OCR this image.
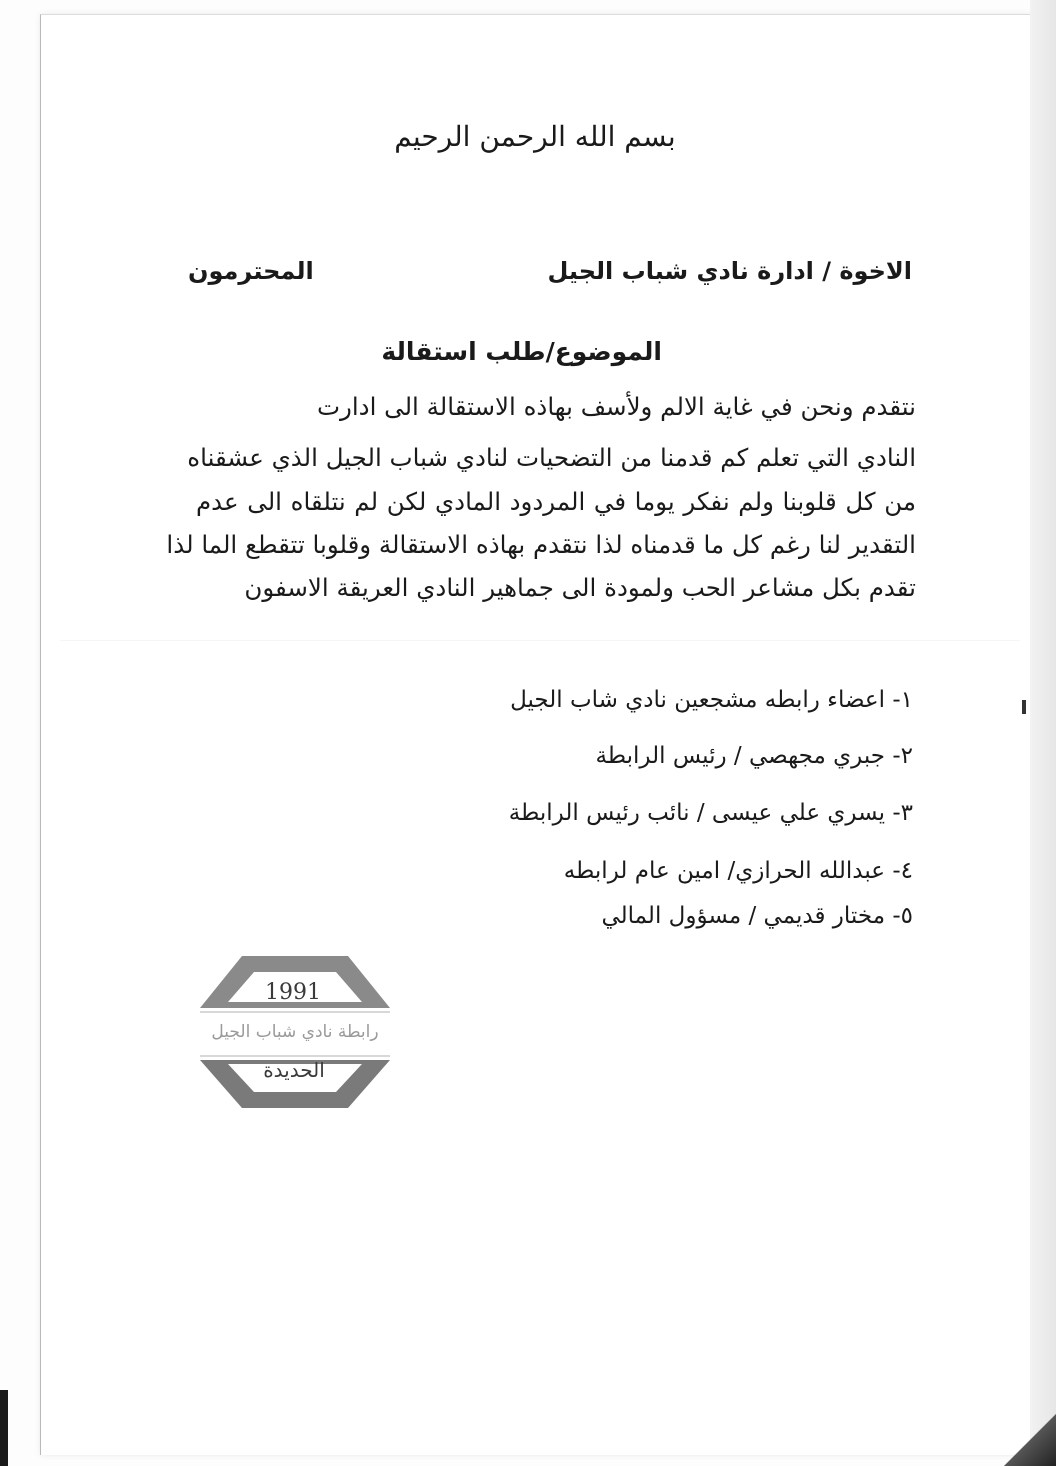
بسم الله الرحمن الرحيم
الاخوة / ادارة نادي شباب الجيل
المحترمون
الموضوع/طلب استقالة
نتقدم ونحن في غاية الالم ولأسف بهاذه الاستقالة الى ادارت
النادي التي تعلم كم قدمنا من التضحيات لنادي شباب الجيل الذي عشقناه
من كل قلوبنا ولم نفكر يوما في المردود المادي لكن لم نتلقاه الى عدم
التقدير لنا رغم كل ما قدمناه لذا نتقدم بهاذه الاستقالة وقلوبا تتقطع الما لذا
تقدم بكل مشاعر الحب ولمودة الى جماهير النادي العريقة الاسفون
١- اعضاء رابطه مشجعين نادي شاب الجيل
٢- جبري مجهصي / رئيس الرابطة
٣- يسري علي عيسى / نائب رئيس الرابطة
٤- عبدالله الحرازي/ امين عام لرابطه
٥- مختار قديمي / مسؤول المالي
1991
رابطة نادي شباب الجيل
الحديدة
